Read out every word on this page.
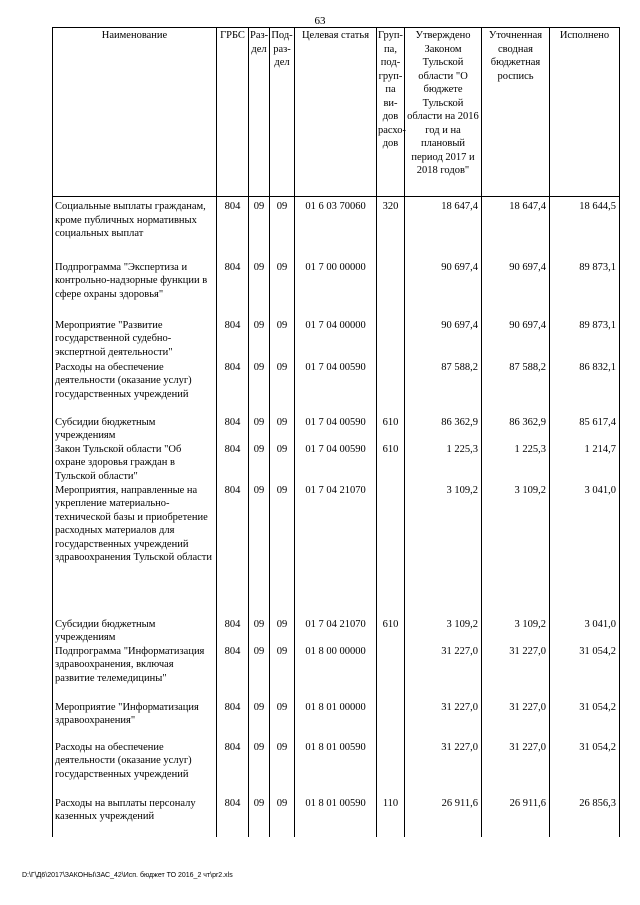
63
Наименование	ГРБС	Раз-дел	Под-раз-дел	Целевая статья	Груп-па, под-груп-па ви-дов расхо-дов	Утверждено Законом Тульской области "О бюджете Тульской области на 2016 год и на плановый период 2017 и 2018 годов"	Уточненная сводная бюджетная роспись	Исполнено
Социальные выплаты гражданам, кроме публичных нормативных социальных выплат	804	09	09	01 6 03 70060	320	18 647,4	18 647,4	18 644,5
Подпрограмма "Экспертиза и контрольно-надзорные функции в сфере охраны здоровья"	804	09	09	01 7 00 00000		90 697,4	90 697,4	89 873,1
Мероприятие "Развитие государственной судебно-экспертной деятельности"	804	09	09	01 7 04 00000		90 697,4	90 697,4	89 873,1
Расходы на обеспечение деятельности (оказание услуг) государственных учреждений	804	09	09	01 7 04 00590		87 588,2	87 588,2	86 832,1
Субсидии бюджетным учреждениям	804	09	09	01 7 04 00590	610	86 362,9	86 362,9	85 617,4
Закон Тульской области "Об охране здоровья граждан в Тульской области"	804	09	09	01 7 04 00590	610	1 225,3	1 225,3	1 214,7
Мероприятия, направленные на укрепление материально-технической базы и приобретение расходных материалов для государственных учреждений здравоохранения Тульской области	804	09	09	01 7 04 21070		3 109,2	3 109,2	3 041,0
Субсидии бюджетным учреждениям	804	09	09	01 7 04 21070	610	3 109,2	3 109,2	3 041,0
Подпрограмма "Информатизация здравоохранения, включая развитие телемедицины"	804	09	09	01 8 00 00000		31 227,0	31 227,0	31 054,2
Мероприятие "Информатизация здравоохранения"	804	09	09	01 8 01 00000		31 227,0	31 227,0	31 054,2
Расходы на обеспечение деятельности (оказание услуг) государственных учреждений	804	09	09	01 8 01 00590		31 227,0	31 227,0	31 054,2
Расходы на выплаты персоналу казенных учреждений	804	09	09	01 8 01 00590	110	26 911,6	26 911,6	26 856,3
D:\Г\Д6\2017\ЗАКОНЫ\ЗАС_42\Исп. бюджет ТО 2016_2 чт\pr2.xls
